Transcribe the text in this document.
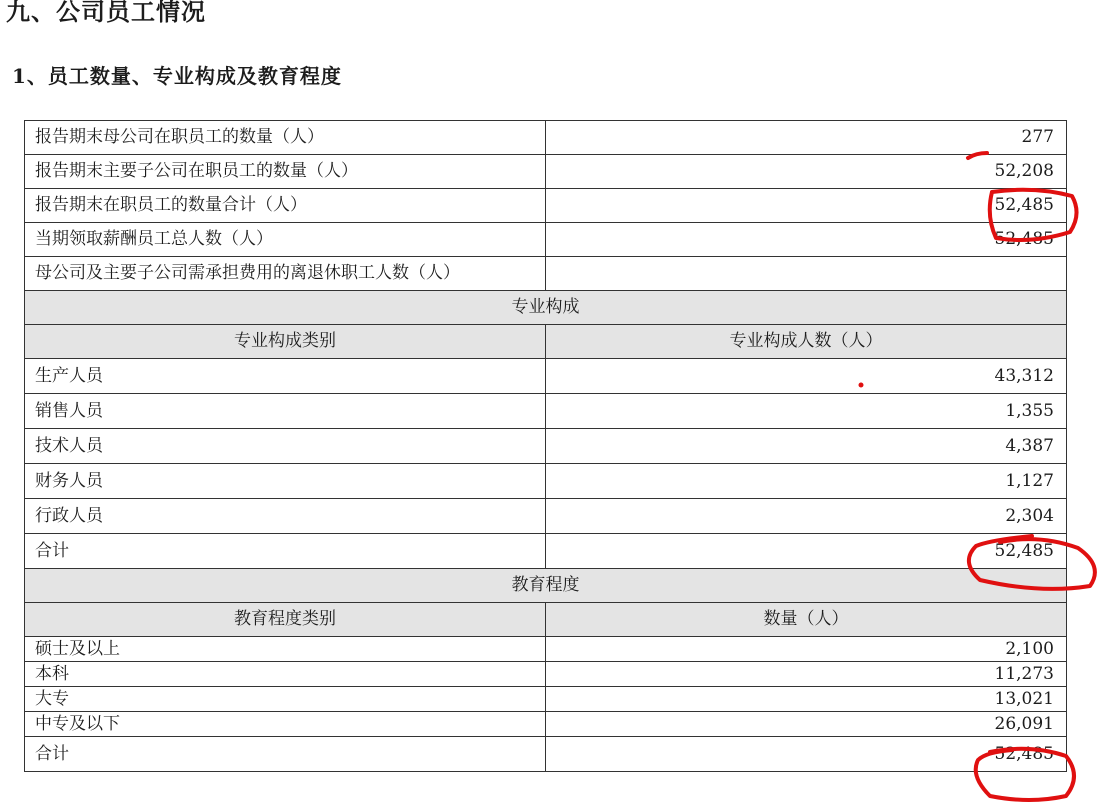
九、公司员工情况
1、员工数量、专业构成及教育程度
报告期末母公司在职员工的数量（人）	277
报告期末主要子公司在职员工的数量（人）	52,208
报告期末在职员工的数量合计（人）	52,485
当期领取薪酬员工总人数（人）	52,485
母公司及主要子公司需承担费用的离退休职工人数（人）	
专业构成	
专业构成类别	专业构成人数（人）
生产人员	43,312
销售人员	1,355
技术人员	4,387
财务人员	1,127
行政人员	2,304
合计	52,485
教育程度	
教育程度类别	数量（人）
硕士及以上	2,100
本科	11,273
大专	13,021
中专及以下	26,091
合计	52,485
